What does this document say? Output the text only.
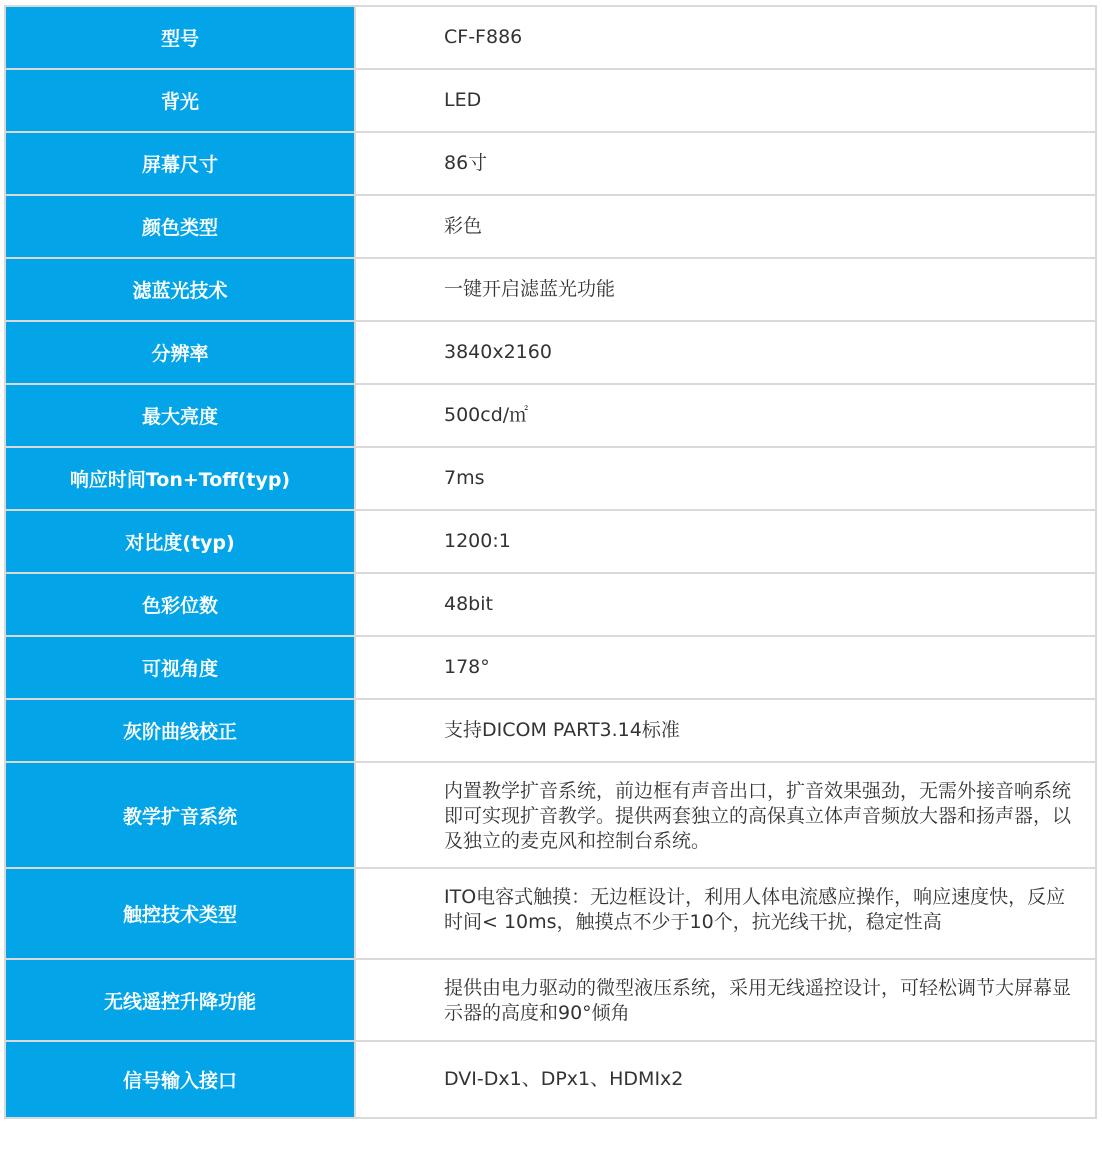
型号	CF-F886
背光	LED
屏幕尺寸	86寸
颜色类型	彩色
滤蓝光技术	一键开启滤蓝光功能
分辨率	3840x2160
最大亮度	500cd/㎡
响应时间Ton+Toff(typ)	7ms
对比度(typ)	1200:1
色彩位数	48bit
可视角度	178°
灰阶曲线校正	支持DICOM PART3.14标准
教学扩音系统	内置教学扩音系统，前边框有声音出口，扩音效果强劲，无需外接音响系统即可实现扩音教学。提供两套独立的高保真立体声音频放大器和扬声器，以及独立的麦克风和控制台系统。
触控技术类型	ITO电容式触摸：无边框设计，利用人体电流感应操作，响应速度快，反应时间< 10ms，触摸点不少于10个，抗光线干扰，稳定性高
无线遥控升降功能	提供由电力驱动的微型液压系统，采用无线遥控设计，可轻松调节大屏幕显示器的高度和90°倾角
信号输入接口	DVI-Dx1、DPx1、HDMIx2
